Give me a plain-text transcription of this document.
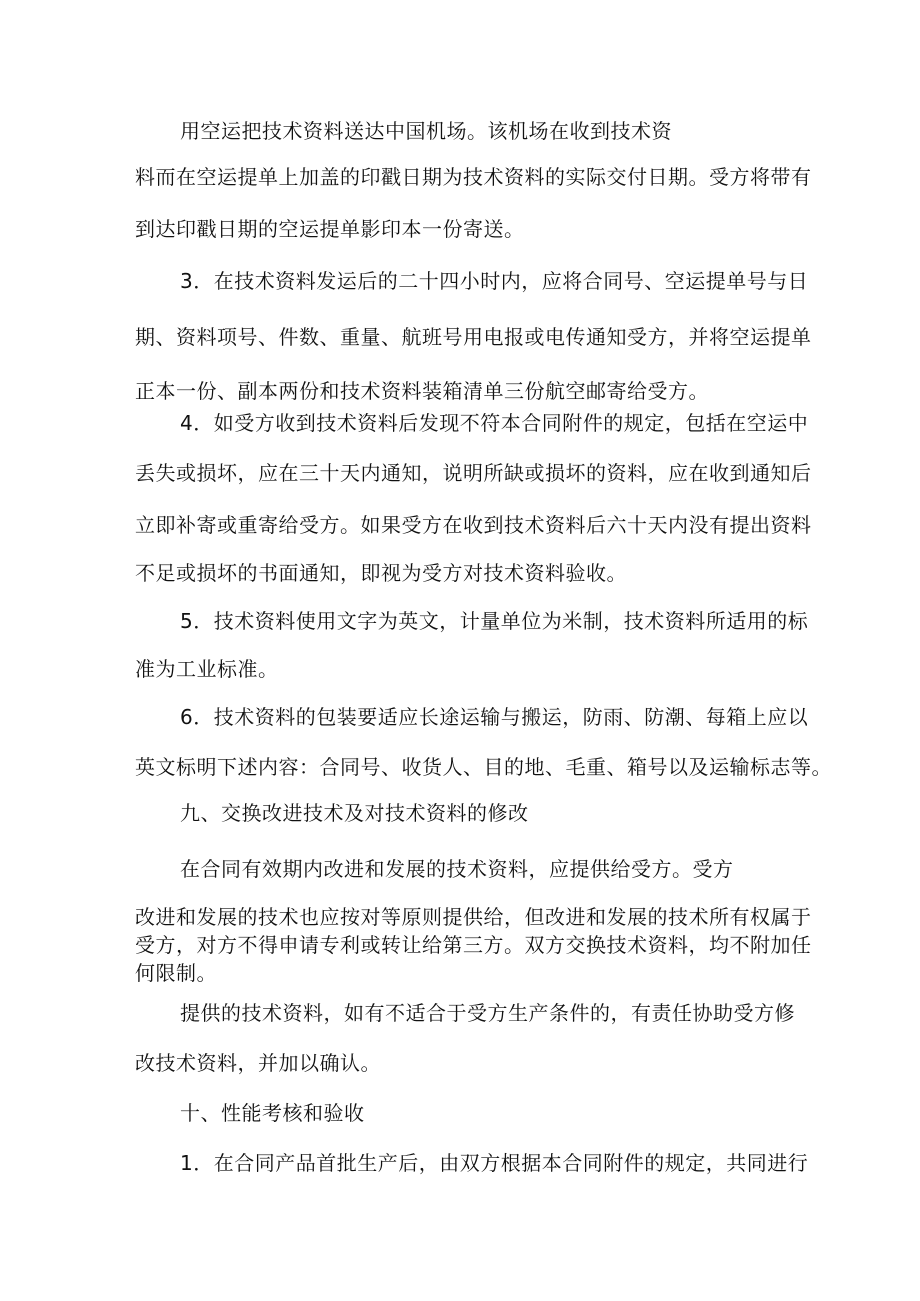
用空运把技术资料送达中国机场。该机场在收到技术资
料而在空运提单上加盖的印戳日期为技术资料的实际交付日期。受方将带有
到达印戳日期的空运提单影印本一份寄送。
3．在技术资料发运后的二十四小时内，应将合同号、空运提单号与日
期、资料项号、件数、重量、航班号用电报或电传通知受方，并将空运提单
正本一份、副本两份和技术资料装箱清单三份航空邮寄给受方。
4．如受方收到技术资料后发现不符本合同附件的规定，包括在空运中
丢失或损坏，应在三十天内通知，说明所缺或损坏的资料，应在收到通知后
立即补寄或重寄给受方。如果受方在收到技术资料后六十天内没有提出资料
不足或损坏的书面通知，即视为受方对技术资料验收。
5．技术资料使用文字为英文，计量单位为米制，技术资料所适用的标
准为工业标准。
6．技术资料的包装要适应长途运输与搬运，防雨、防潮、每箱上应以
英文标明下述内容：合同号、收货人、目的地、毛重、箱号以及运输标志等。
九、交换改进技术及对技术资料的修改
在合同有效期内改进和发展的技术资料，应提供给受方。受方
改进和发展的技术也应按对等原则提供给，但改进和发展的技术所有权属于
受方，对方不得申请专利或转让给第三方。双方交换技术资料，均不附加任
何限制。
提供的技术资料，如有不适合于受方生产条件的，有责任协助受方修
改技术资料，并加以确认。
十、性能考核和验收
1．在合同产品首批生产后，由双方根据本合同附件的规定，共同进行
